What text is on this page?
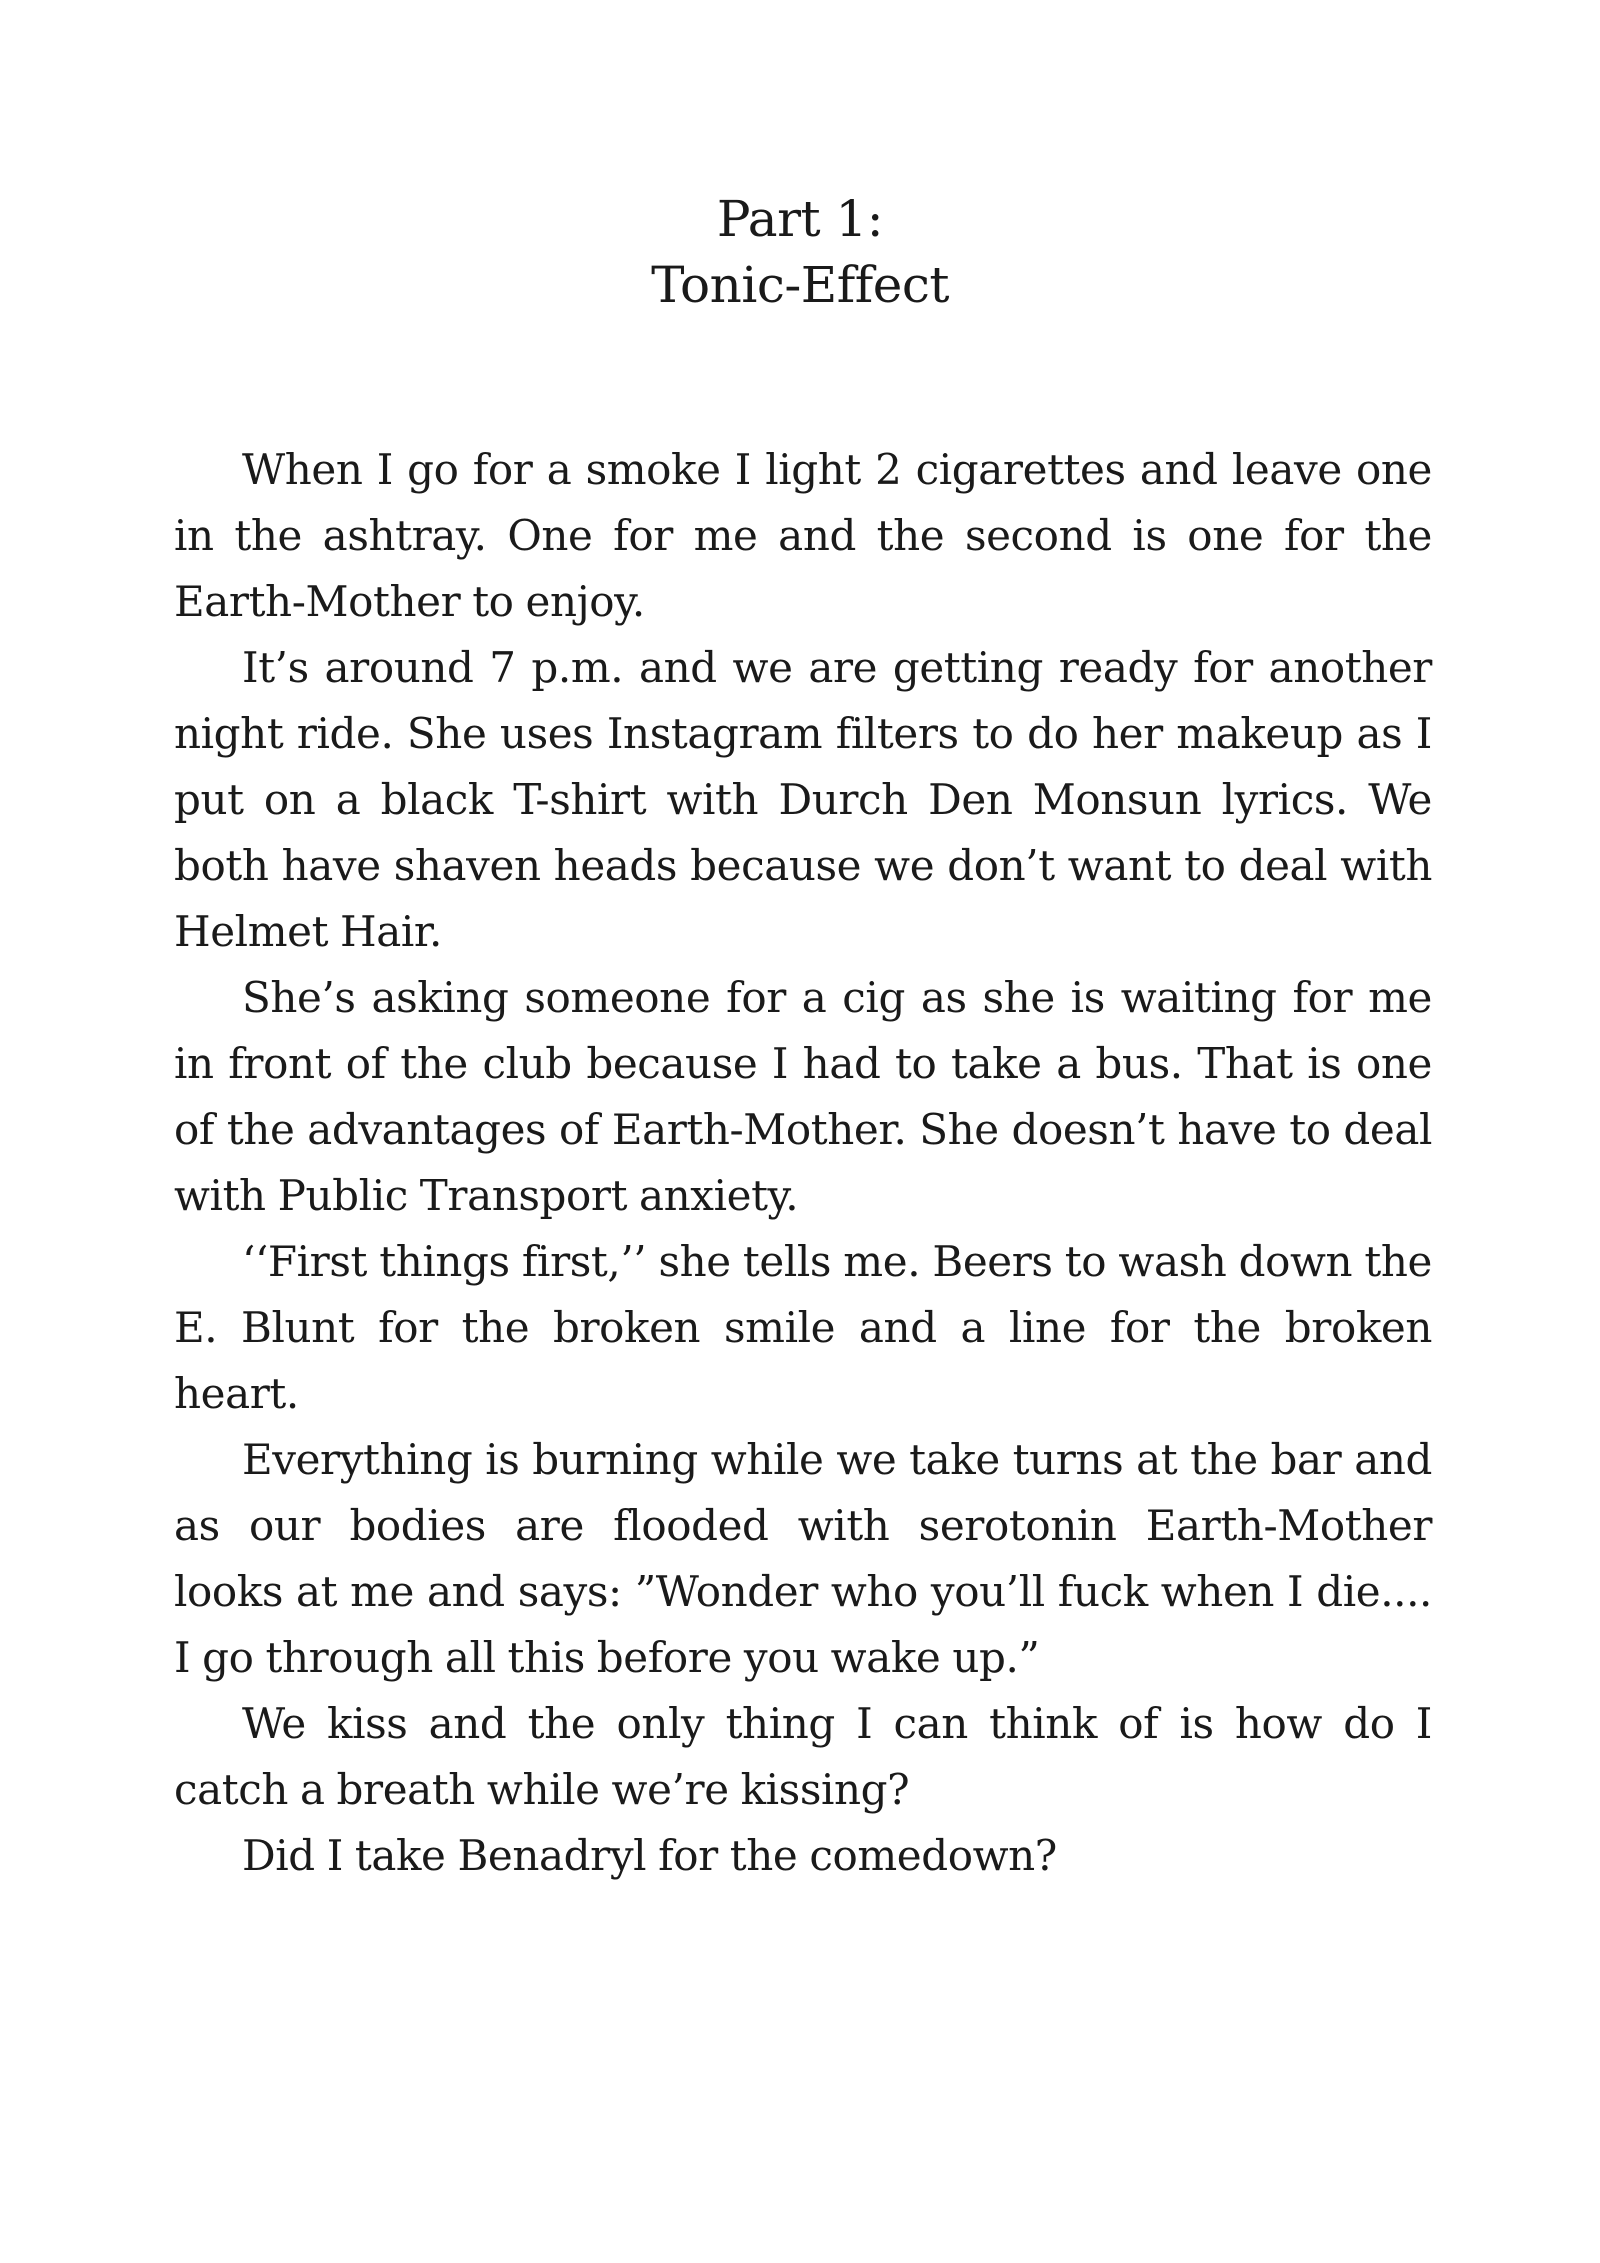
Part 1:
Tonic-Effect

When I go for a smoke I light 2 cigarettes and leave one in the ashtray. One for me and the second is one for the Earth-Mother to enjoy.

It’s around 7 p.m. and we are getting ready for another night ride. She uses Instagram filters to do her makeup as I put on a black T-shirt with Durch Den Monsun lyrics. We both have shaven heads because we don’t want to deal with Helmet Hair.

She’s asking someone for a cig as she is waiting for me in front of the club because I had to take a bus. That is one of the advantages of Earth-Mother. She doesn’t have to deal with Public Transport anxiety.

‘‘First things first,’’ she tells me. Beers to wash down the E. Blunt for the broken smile and a line for the broken heart.

Everything is burning while we take turns at the bar and as our bodies are flooded with serotonin Earth-Mother looks at me and says: ”Wonder who you’ll fuck when I die.... I go through all this before you wake up.”

We kiss and the only thing I can think of is how do I catch a breath while we’re kissing?

Did I take Benadryl for the comedown?
